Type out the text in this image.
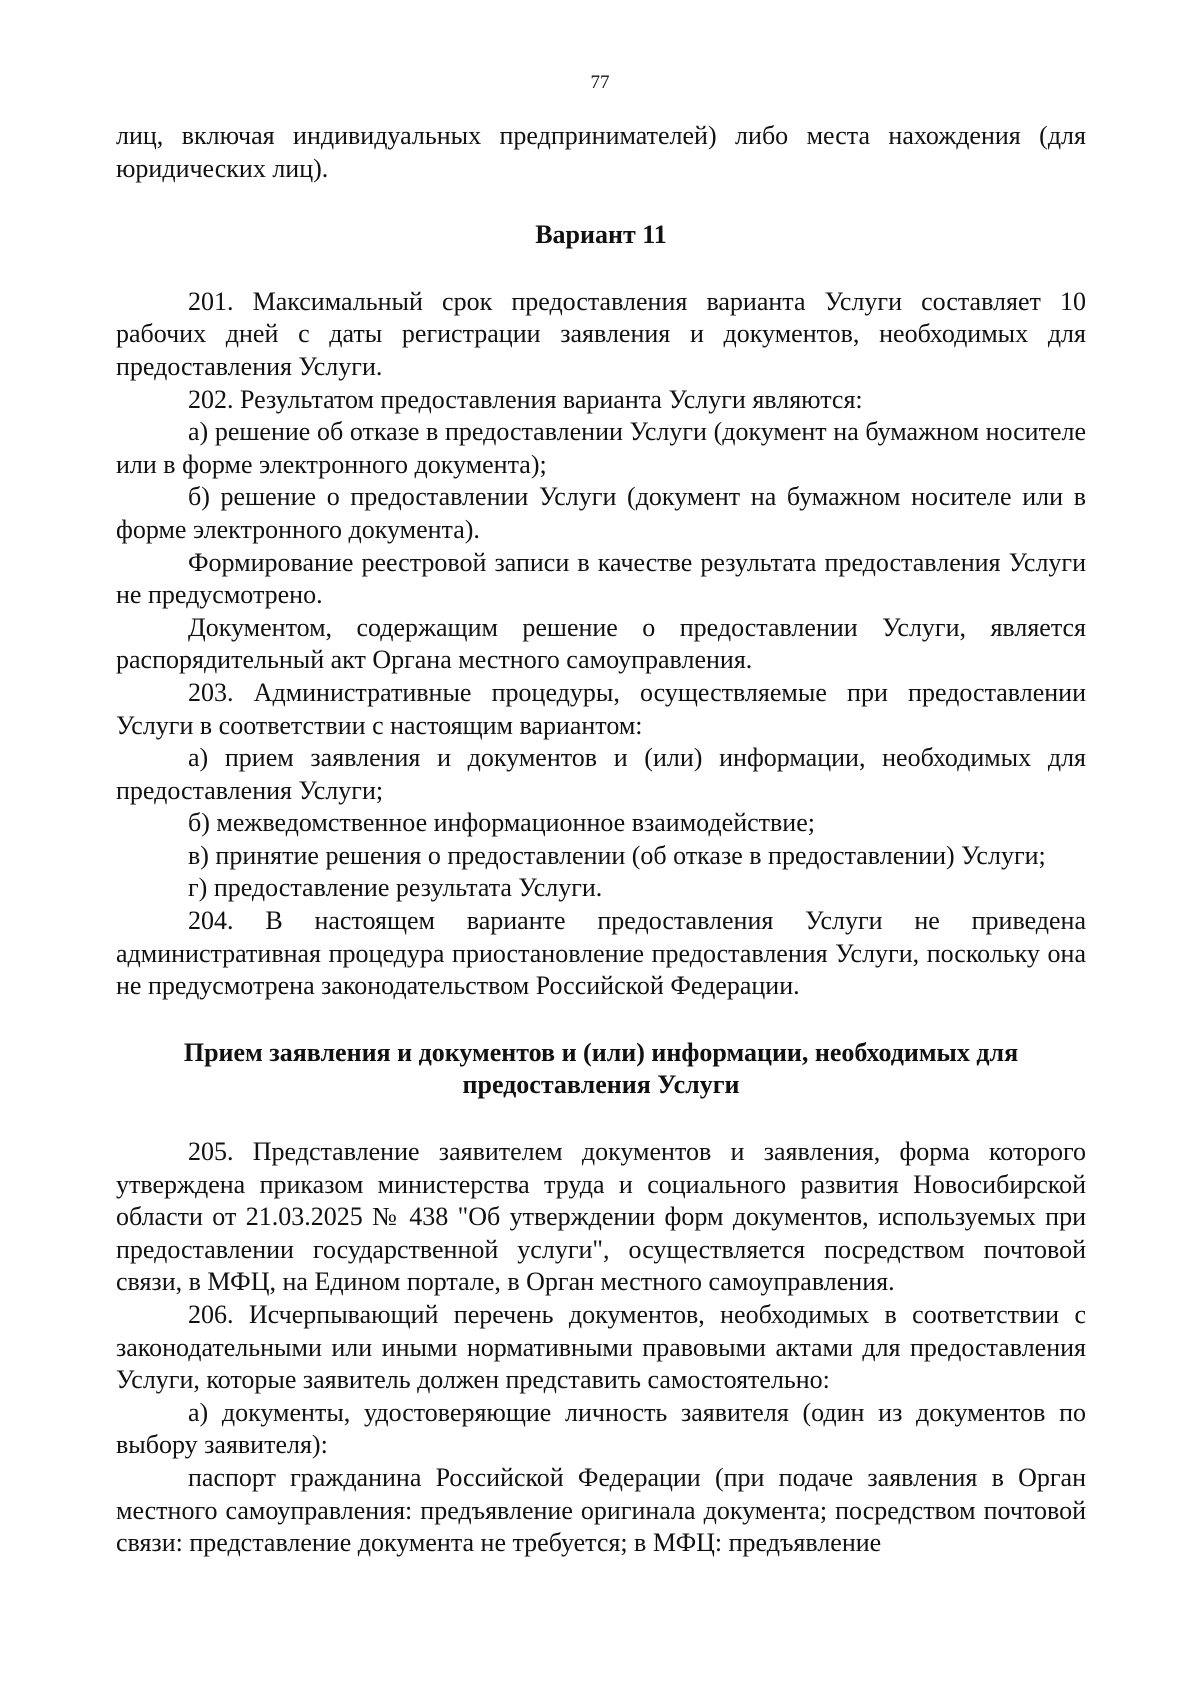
77

лиц, включая индивидуальных предпринимателей) либо места нахождения (для юридических лиц).

Вариант 11

201. Максимальный срок предоставления варианта Услуги составляет 10 рабочих дней с даты регистрации заявления и документов, необходимых для предоставления Услуги.

202. Результатом предоставления варианта Услуги являются:

а) решение об отказе в предоставлении Услуги (документ на бумажном носителе или в форме электронного документа);

б) решение о предоставлении Услуги (документ на бумажном носителе или в форме электронного документа).

Формирование реестровой записи в качестве результата предоставления Услуги не предусмотрено.

Документом, содержащим решение о предоставлении Услуги, является распорядительный акт Органа местного самоуправления.

203. Административные процедуры, осуществляемые при предоставлении Услуги в соответствии с настоящим вариантом:

а) прием заявления и документов и (или) информации, необходимых для предоставления Услуги;

б) межведомственное информационное взаимодействие;

в) принятие решения о предоставлении (об отказе в предоставлении) Услуги;

г) предоставление результата Услуги.

204. В настоящем варианте предоставления Услуги не приведена административная процедура приостановление предоставления Услуги, поскольку она не предусмотрена законодательством Российской Федерации.

Прием заявления и документов и (или) информации, необходимых для
предоставления Услуги

205. Представление заявителем документов и заявления, форма которого утверждена приказом министерства труда и социального развития Новосибирской области от 21.03.2025 № 438 "Об утверждении форм документов, используемых при предоставлении государственной услуги", осуществляется посредством почтовой связи, в МФЦ, на Едином портале, в Орган местного самоуправления.

206. Исчерпывающий перечень документов, необходимых в соответствии с законодательными или иными нормативными правовыми актами для предоставления Услуги, которые заявитель должен представить самостоятельно:

а) документы, удостоверяющие личность заявителя (один из документов по выбору заявителя):

паспорт гражданина Российской Федерации (при подаче заявления в Орган местного самоуправления: предъявление оригинала документа; посредством почтовой связи: представление документа не требуется; в МФЦ: предъявление
